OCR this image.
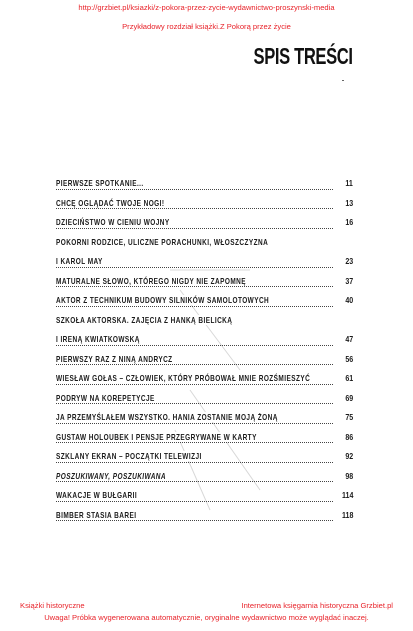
http://grzbiet.pl/ksiazki/z-pokora-przez-zycie-wydawnictwo-proszynski-media
Przykładowy rozdział książki.Z Pokorą przez życie
SPIS TREŚCI
PIERWSZE SPOTKANIE...	11
CHCĘ OGLĄDAĆ TWOJE NOGI!	13
DZIECIŃSTWO W CIENIU WOJNY	16
POKORNI RODZICE, ULICZNE PORACHUNKI, WŁOSZCZYZNA
I KAROL MAY	23
MATURALNE SŁOWO, KTÓREGO NIGDY NIE ZAPOMNĘ	37
AKTOR Z TECHNIKUM BUDOWY SILNIKÓW SAMOLOTOWYCH	40
SZKOŁA AKTORSKA. ZAJĘCIA Z HANKĄ BIELICKĄ
I IRENĄ KWIATKOWSKĄ	47
PIERWSZY RAZ Z NINĄ ANDRYCZ	56
WIESŁAW GOŁAS – CZŁOWIEK, KTÓRY PRÓBOWAŁ MNIE ROZŚMIESZYĆ	61
PODRYW NA KOREPETYCJE	69
JA PRZEMYŚLAŁEM WSZYSTKO. HANIA ZOSTANIE MOJĄ ŻONĄ	75
GUSTAW HOLOUBEK I PENSJE PRZEGRYWANE W KARTY	86
SZKLANY EKRAN – POCZĄTKI TELEWIZJI	92
POSZUKIWANY, POSZUKIWANA	98
WAKACJE W BUŁGARII	114
BIMBER STASIA BAREI	118
Książki historyczne	Internetowa księgarnia historyczna Grzbiet.pl
Uwaga! Próbka wygenerowana automatycznie, oryginalne wydawnictwo może wyglądać inaczej.
